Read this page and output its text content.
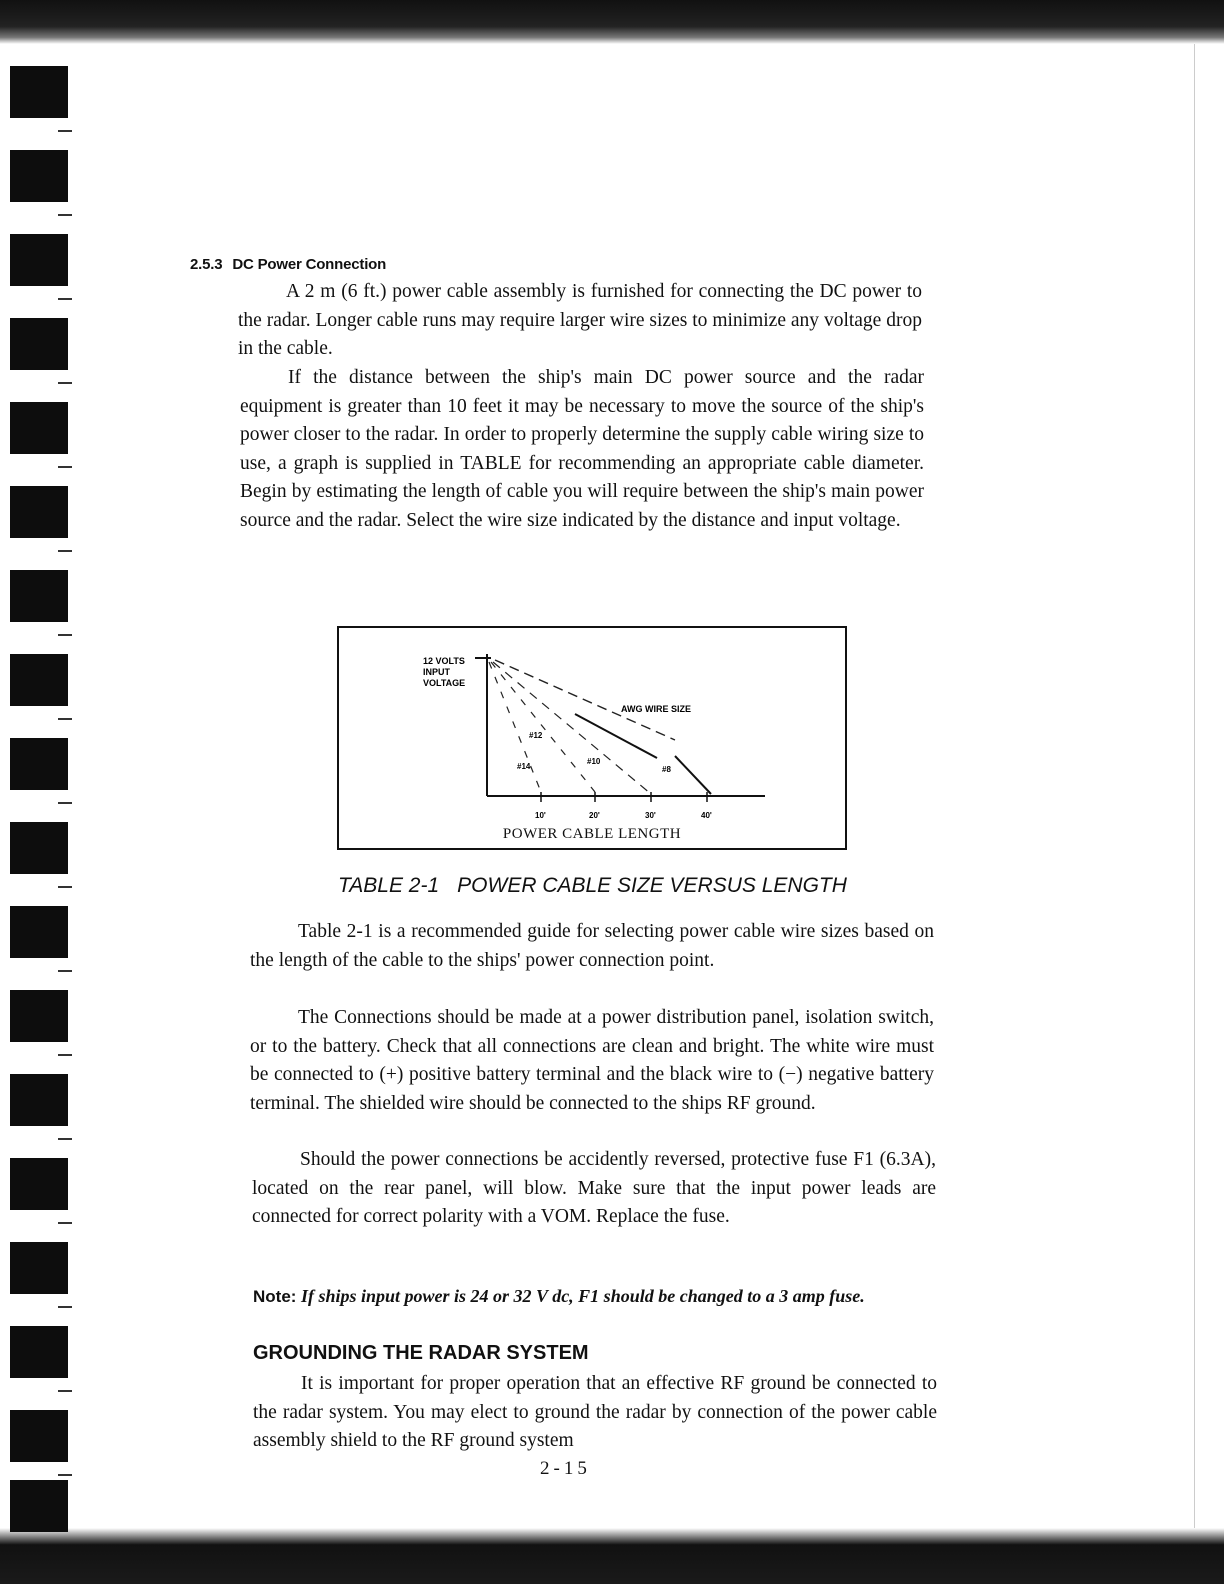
2.5.3 DC Power Connection

A 2 m (6 ft.) power cable assembly is furnished for connecting the DC power to the radar. Longer cable runs may require larger wire sizes to minimize any voltage drop in the cable.

If the distance between the ship's main DC power source and the radar equipment is greater than 10 feet it may be necessary to move the source of the ship's power closer to the radar. In order to properly determine the supply cable wiring size to use, a graph is supplied in TABLE for recommending an appropriate cable diameter. Begin by estimating the length of cable you will require between the ship's main power source and the radar. Select the wire size indicated by the distance and input voltage.

12 VOLTS
INPUT
VOLTAGE
AWG WIRE SIZE
#14
#12
#10
#8
10'	20'	30'	40'
POWER CABLE LENGTH
TABLE 2-1 POWER CABLE SIZE VERSUS LENGTH

Table 2-1 is a recommended guide for selecting power cable wire sizes based on the length of the cable to the ships' power connection point.

The Connections should be made at a power distribution panel, isolation switch, or to the battery. Check that all connections are clean and bright. The white wire must be connected to (+) positive battery terminal and the black wire to (−) negative battery terminal. The shielded wire should be connected to the ships RF ground.

Should the power connections be accidently reversed, protective fuse F1 (6.3A), located on the rear panel, will blow. Make sure that the input power leads are connected for correct polarity with a VOM. Replace the fuse.

Note: If ships input power is 24 or 32 V dc, F1 should be changed to a 3 amp fuse.
GROUNDING THE RADAR SYSTEM

It is important for proper operation that an effective RF ground be connected to the radar system. You may elect to ground the radar by connection of the power cable assembly shield to the RF ground system

2-15
